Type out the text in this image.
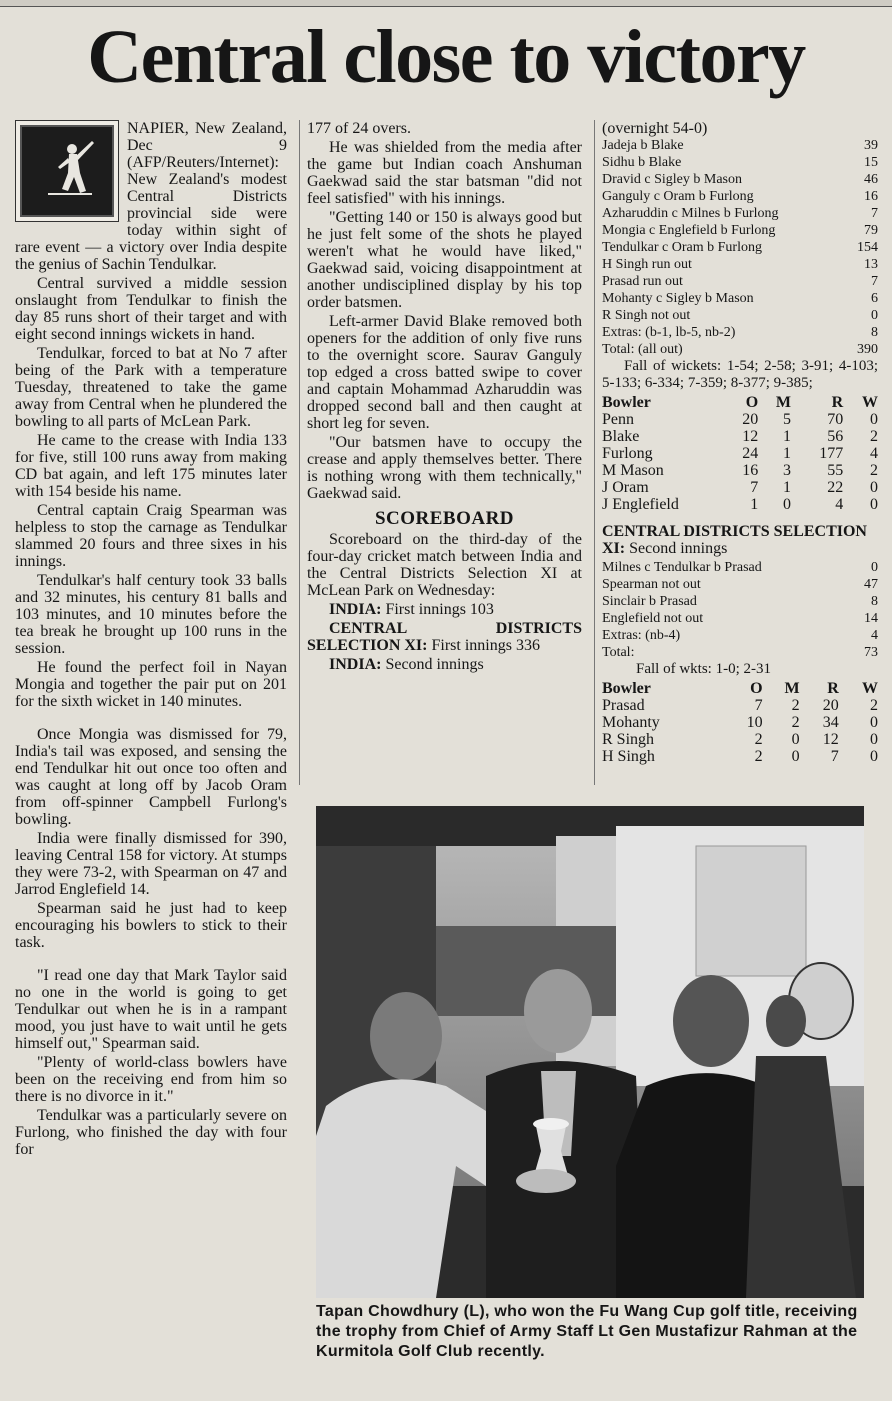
Central close to victory

NAPIER, New Zealand, Dec 9 (AFP/Reuters/Internet): New Zealand's modest Central Districts provincial side were today within sight of rare event — a victory over India despite the genius of Sachin Tendulkar.

Central survived a middle session onslaught from Tendulkar to finish the day 85 runs short of their target and with eight second innings wickets in hand.

Tendulkar, forced to bat at No 7 after being of the Park with a temperature Tuesday, threatened to take the game away from Central when he plundered the bowling to all parts of McLean Park.

He came to the crease with India 133 for five, still 100 runs away from making CD bat again, and left 175 minutes later with 154 beside his name.

Central captain Craig Spearman was helpless to stop the carnage as Tendulkar slammed 20 fours and three sixes in his innings.

Tendulkar's half century took 33 balls and 32 minutes, his century 81 balls and 103 minutes, and 10 minutes before the tea break he brought up 100 runs in the session.

He found the perfect foil in Nayan Mongia and together the pair put on 201 for the sixth wicket in 140 minutes.

Once Mongia was dismissed for 79, India's tail was exposed, and sensing the end Tendulkar hit out once too often and was caught at long off by Jacob Oram from off-spinner Campbell Furlong's bowling.

India were finally dismissed for 390, leaving Central 158 for victory. At stumps they were 73-2, with Spearman on 47 and Jarrod Englefield 14.

Spearman said he just had to keep encouraging his bowlers to stick to their task.

"I read one day that Mark Taylor said no one in the world is going to get Tendulkar out when he is in a rampant mood, you just have to wait until he gets himself out," Spearman said.

"Plenty of world-class bowlers have been on the receiving end from him so there is no divorce in it."

Tendulkar was a particularly severe on Furlong, who finished the day with four for

177 of 24 overs.

He was shielded from the media after the game but Indian coach Anshuman Gaekwad said the star batsman "did not feel satisfied" with his innings.

"Getting 140 or 150 is always good but he just felt some of the shots he played weren't what he would have liked," Gaekwad said, voicing disappointment at another undisciplined display by his top order batsmen.

Left-armer David Blake removed both openers for the addition of only five runs to the overnight score. Saurav Ganguly top edged a cross batted swipe to cover and captain Mohammad Azharuddin was dropped second ball and then caught at short leg for seven.

"Our batsmen have to occupy the crease and apply themselves better. There is nothing wrong with them technically," Gaekwad said.

SCOREBOARD

Scoreboard on the third-day of the four-day cricket match between India and the Central Districts Selection XI at McLean Park on Wednesday:

INDIA: First innings 103

CENTRAL DISTRICTS SELECTION XI: First innings 336

INDIA: Second innings

(overnight 54-0)
Jadeja b Blake	39
Sidhu b Blake	15
Dravid c Sigley b Mason	46
Ganguly c Oram b Furlong	16
Azharuddin c Milnes b Furlong	7
Mongia c Englefield b Furlong	79
Tendulkar c Oram b Furlong	154
H Singh run out	13
Prasad run out	7
Mohanty c Sigley b Mason	6
R Singh not out	0
Extras: (b-1, lb-5, nb-2)	8
Total: (all out)	390

Fall of wickets: 1-54; 2-58; 3-91; 4-103; 5-133; 6-334; 7-359; 8-377; 9-385;

Bowler	O	M	R	W
Penn	20	5	70	0
Blake	12	1	56	2
Furlong	24	1	177	4
M Mason	16	3	55	2
J Oram	7	1	22	0
J Englefield	1	0	4	0
CENTRAL DISTRICTS SELECTION XI: Second innings
Milnes c Tendulkar b Prasad	0
Spearman not out	47
Sinclair b Prasad	8
Englefield not out	14
Extras: (nb-4)	4
Total:	73

Fall of wkts: 1-0; 2-31

Bowler	O	M	R	W
Prasad	7	2	20	2
Mohanty	10	2	34	0
R Singh	2	0	12	0
H Singh	2	0	7	0
Tapan Chowdhury (L), who won the Fu Wang Cup golf title, receiving the trophy from Chief of Army Staff Lt Gen Mustafizur Rahman at the Kurmitola Golf Club recently.
